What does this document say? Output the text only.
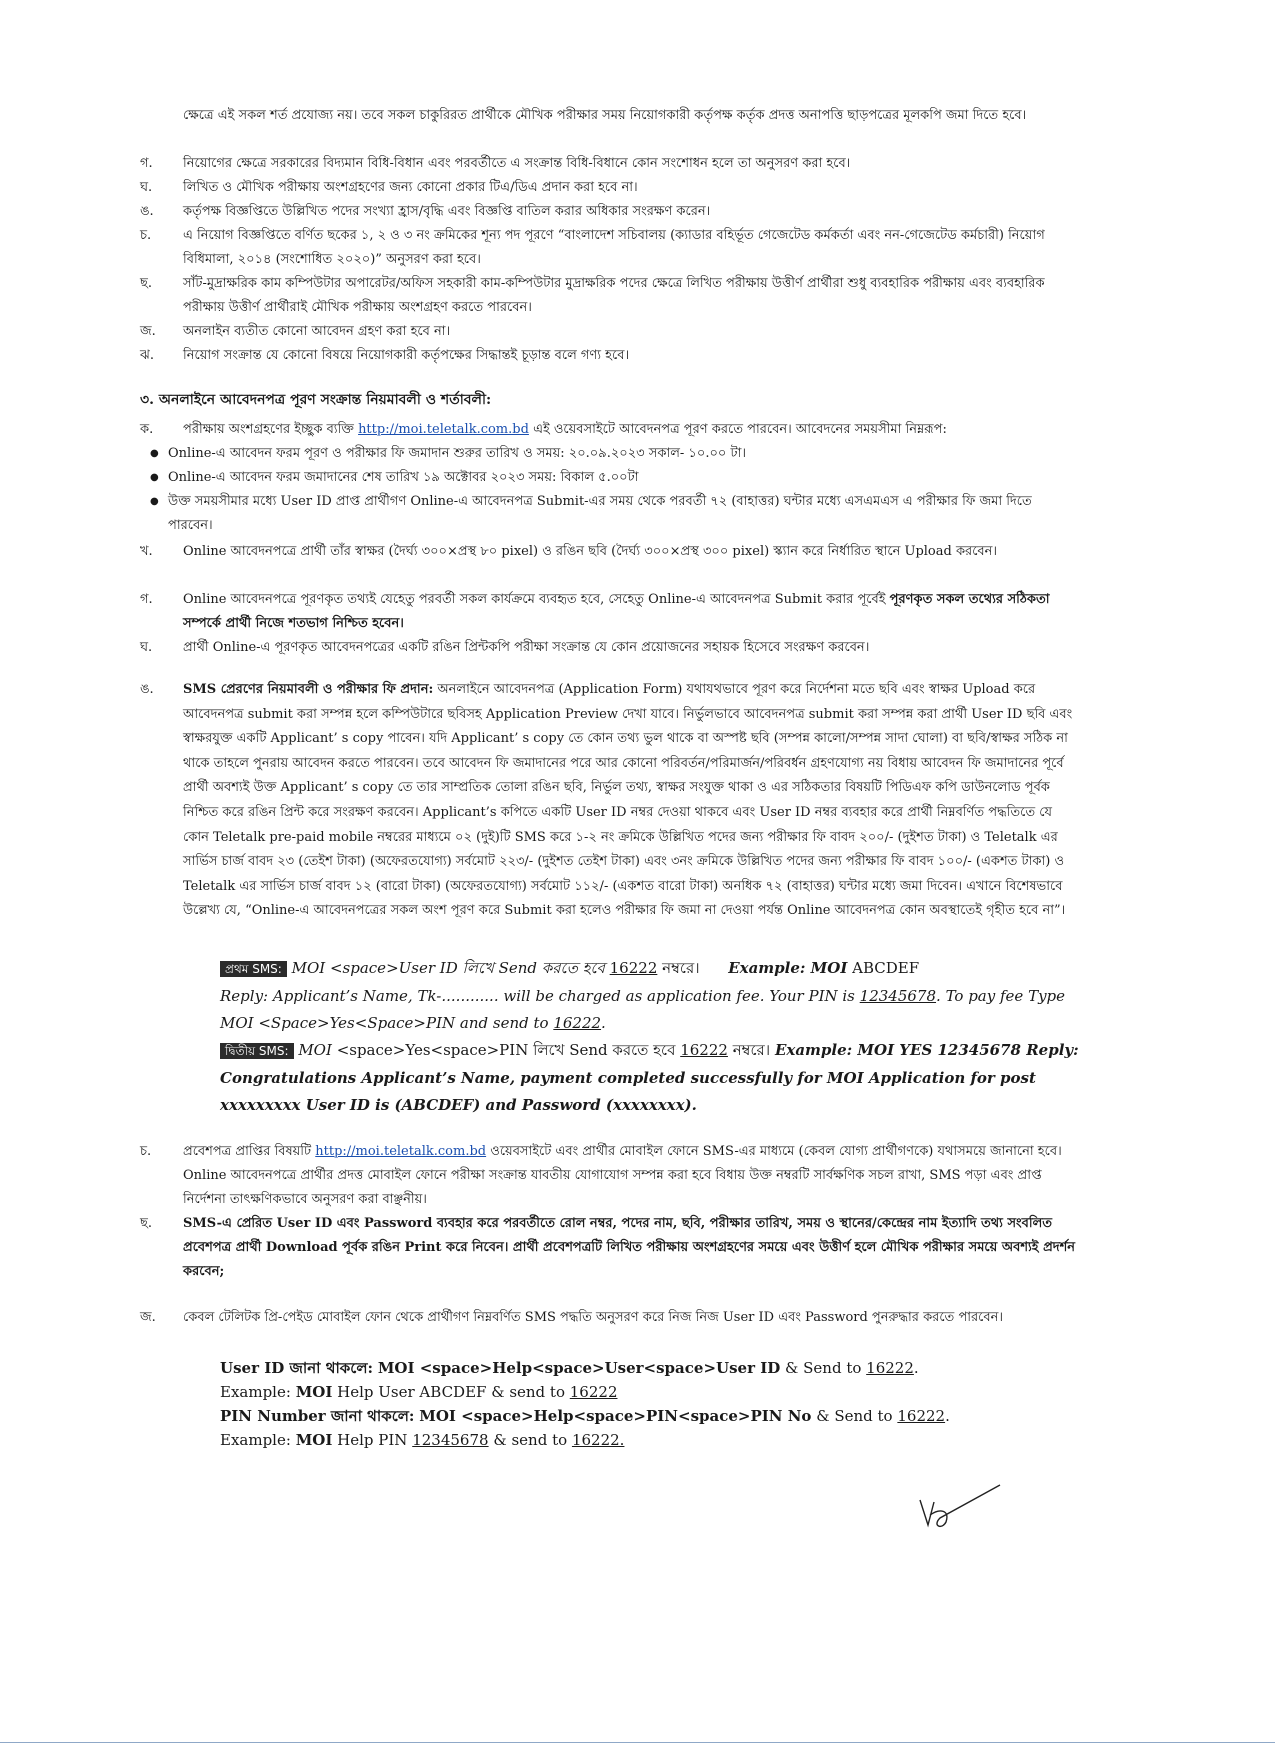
ক্ষেত্রে এই সকল শর্ত প্রযোজ্য নয়। তবে সকল চাকুরিরত প্রার্থীকে মৌখিক পরীক্ষার সময় নিয়োগকারী কর্তৃপক্ষ কর্তৃক প্রদত্ত অনাপত্তি ছাড়পত্রের মূলকপি জমা দিতে হবে।
গ.	নিয়োগের ক্ষেত্রে সরকারের বিদ্যমান বিধি-বিধান এবং পরবর্তীতে এ সংক্রান্ত বিধি-বিধানে কোন সংশোধন হলে তা অনুসরণ করা হবে।
ঘ.	লিখিত ও মৌখিক পরীক্ষায় অংশগ্রহণের জন্য কোনো প্রকার টিএ/ডিএ প্রদান করা হবে না।
ঙ.	কর্তৃপক্ষ বিজ্ঞপ্তিতে উল্লিখিত পদের সংখ্যা হ্রাস/বৃদ্ধি এবং বিজ্ঞপ্তি বাতিল করার অধিকার সংরক্ষণ করেন।
চ.	এ নিয়োগ বিজ্ঞপ্তিতে বর্ণিত ছকের ১, ২ ও ৩ নং ক্রমিকের শূন্য পদ পূরণে “বাংলাদেশ সচিবালয় (ক্যাডার বহির্ভূত গেজেটেড কর্মকর্তা এবং নন-গেজেটেড কর্মচারী) নিয়োগ বিধিমালা, ২০১৪ (সংশোধিত ২০২০)” অনুসরণ করা হবে।
ছ.	সাঁট-মুদ্রাক্ষরিক কাম কম্পিউটার অপারেটর/অফিস সহকারী কাম-কম্পিউটার মুদ্রাক্ষরিক পদের ক্ষেত্রে লিখিত পরীক্ষায় উত্তীর্ণ প্রার্থীরা শুধু ব্যবহারিক পরীক্ষায় এবং ব্যবহারিক পরীক্ষায় উত্তীর্ণ প্রার্থীরাই মৌখিক পরীক্ষায় অংশগ্রহণ করতে পারবেন।
জ.	অনলাইন ব্যতীত কোনো আবেদন গ্রহণ করা হবে না।
ঝ.	নিয়োগ সংক্রান্ত যে কোনো বিষয়ে নিয়োগকারী কর্তৃপক্ষের সিদ্ধান্তই চূড়ান্ত বলে গণ্য হবে।
৩. অনলাইনে আবেদনপত্র পূরণ সংক্রান্ত নিয়মাবলী ও শর্তাবলী:
ক.	পরীক্ষায় অংশগ্রহণের ইচ্ছুক ব্যক্তি http://moi.teletalk.com.bd এই ওয়েবসাইটে আবেদনপত্র পূরণ করতে পারবেন। আবেদনের সময়সীমা নিম্নরূপ:
● Online-এ আবেদন ফরম পূরণ ও পরীক্ষার ফি জমাদান শুরুর তারিখ ও সময়: ২০.০৯.২০২৩ সকাল- ১০.০০ টা।
● Online-এ আবেদন ফরম জমাদানের শেষ তারিখ ১৯ অক্টোবর ২০২৩ সময়: বিকাল ৫.০০টা
● উক্ত সময়সীমার মধ্যে User ID প্রাপ্ত প্রার্থীগণ Online-এ আবেদনপত্র Submit-এর সময় থেকে পরবর্তী ৭২ (বাহাত্তর) ঘন্টার মধ্যে এসএমএস এ পরীক্ষার ফি জমা দিতে পারবেন।
খ.	Online আবেদনপত্রে প্রার্থী তাঁর স্বাক্ষর (দৈর্ঘ্য ৩০০×প্রস্থ ৮০ pixel) ও রঙিন ছবি (দৈর্ঘ্য ৩০০×প্রস্থ ৩০০ pixel) স্ক্যান করে নির্ধারিত স্থানে Upload করবেন।
গ.	Online আবেদনপত্রে পূরণকৃত তথ্যই যেহেতু পরবর্তী সকল কার্যক্রমে ব্যবহৃত হবে, সেহেতু Online-এ আবেদনপত্র Submit করার পূর্বেই পূরণকৃত সকল তথ্যের সঠিকতা সম্পর্কে প্রার্থী নিজে শতভাগ নিশ্চিত হবেন।
ঘ.	প্রার্থী Online-এ পূরণকৃত আবেদনপত্রের একটি রঙিন প্রিন্টকপি পরীক্ষা সংক্রান্ত যে কোন প্রয়োজনের সহায়ক হিসেবে সংরক্ষণ করবেন।
ঙ.	SMS প্রেরণের নিয়মাবলী ও পরীক্ষার ফি প্রদান: অনলাইনে আবেদনপত্র (Application Form) যথাযথভাবে পূরণ করে নির্দেশনা মতে ছবি এবং স্বাক্ষর Upload করে আবেদনপত্র submit করা সম্পন্ন হলে কম্পিউটারে ছবিসহ Application Preview দেখা যাবে। নির্ভুলভাবে আবেদনপত্র submit করা সম্পন্ন করা প্রার্থী User ID ছবি এবং স্বাক্ষরযুক্ত একটি Applicant’ s copy পাবেন। যদি Applicant’ s copy তে কোন তথ্য ভুল থাকে বা অস্পষ্ট ছবি (সম্পন্ন কালো/সম্পন্ন সাদা ঘোলা) বা ছবি/স্বাক্ষর সঠিক না থাকে তাহলে পুনরায় আবেদন করতে পারবেন। তবে আবেদন ফি জমাদানের পরে আর কোনো পরিবর্তন/পরিমার্জন/পরিবর্ধন গ্রহণযোগ্য নয় বিধায় আবেদন ফি জমাদানের পূর্বে প্রার্থী অবশ্যই উক্ত Applicant’ s copy তে তার সাম্প্রতিক তোলা রঙিন ছবি, নির্ভুল তথ্য, স্বাক্ষর সংযুক্ত থাকা ও এর সঠিকতার বিষয়টি পিডিএফ কপি ডাউনলোড পূর্বক নিশ্চিত করে রঙিন প্রিন্ট করে সংরক্ষণ করবেন। Applicant’s কপিতে একটি User ID নম্বর দেওয়া থাকবে এবং User ID নম্বর ব্যবহার করে প্রার্থী নিম্নবর্ণিত পদ্ধতিতে যে কোন Teletalk pre-paid mobile নম্বরের মাধ্যমে ০২ (দুই)টি SMS করে ১-২ নং ক্রমিকে উল্লিখিত পদের জন্য পরীক্ষার ফি বাবদ ২০০/- (দুইশত টাকা) ও Teletalk এর সার্ভিস চার্জ বাবদ ২৩ (তেইশ টাকা) (অফেরতযোগ্য) সর্বমোট ২২৩/- (দুইশত তেইশ টাকা) এবং ৩নং ক্রমিকে উল্লিখিত পদের জন্য পরীক্ষার ফি বাবদ ১০০/- (একশত টাকা) ও Teletalk এর সার্ভিস চার্জ বাবদ ১২ (বারো টাকা) (অফেরতযোগ্য) সর্বমোট ১১২/- (একশত বারো টাকা) অনধিক ৭২ (বাহাত্তর) ঘন্টার মধ্যে জমা দিবেন। এখানে বিশেষভাবে উল্লেখ্য যে, “Online-এ আবেদনপত্রের সকল অংশ পূরণ করে Submit করা হলেও পরীক্ষার ফি জমা না দেওয়া পর্যন্ত Online আবেদনপত্র কোন অবস্থাতেই গৃহীত হবে না”।
প্রথম SMS: MOI <space>User ID লিখে Send করতে হবে 16222 নম্বরে। Example: MOI ABCDEF
Reply: Applicant’s Name, Tk-............ will be charged as application fee. Your PIN is 12345678. To pay fee Type MOI <Space>Yes<Space>PIN and send to 16222.
দ্বিতীয় SMS: MOI <space>Yes<space>PIN লিখে Send করতে হবে 16222 নম্বরে। Example: MOI YES 12345678 Reply: Congratulations Applicant’s Name, payment completed successfully for MOI Application for post xxxxxxxxx User ID is (ABCDEF) and Password (xxxxxxxx).
চ.	প্রবেশপত্র প্রাপ্তির বিষয়টি http://moi.teletalk.com.bd ওয়েবসাইটে এবং প্রার্থীর মোবাইল ফোনে SMS-এর মাধ্যমে (কেবল যোগ্য প্রার্থীগণকে) যথাসময়ে জানানো হবে। Online আবেদনপত্রে প্রার্থীর প্রদত্ত মোবাইল ফোনে পরীক্ষা সংক্রান্ত যাবতীয় যোগাযোগ সম্পন্ন করা হবে বিধায় উক্ত নম্বরটি সার্বক্ষণিক সচল রাখা, SMS পড়া এবং প্রাপ্ত নির্দেশনা তাৎক্ষণিকভাবে অনুসরণ করা বাঞ্ছনীয়।
ছ.	SMS-এ প্রেরিত User ID এবং Password ব্যবহার করে পরবর্তীতে রোল নম্বর, পদের নাম, ছবি, পরীক্ষার তারিখ, সময় ও স্থানের/কেন্দ্রের নাম ইত্যাদি তথ্য সংবলিত প্রবেশপত্র প্রার্থী Download পূর্বক রঙিন Print করে নিবেন। প্রার্থী প্রবেশপত্রটি লিখিত পরীক্ষায় অংশগ্রহণের সময়ে এবং উত্তীর্ণ হলে মৌখিক পরীক্ষার সময়ে অবশ্যই প্রদর্শন করবেন;
জ.	কেবল টেলিটক প্রি-পেইড মোবাইল ফোন থেকে প্রার্থীগণ নিম্নবর্ণিত SMS পদ্ধতি অনুসরণ করে নিজ নিজ User ID এবং Password পুনরুদ্ধার করতে পারবেন।
User ID জানা থাকলে: MOI <space>Help<space>User<space>User ID & Send to 16222.
Example: MOI Help User ABCDEF & send to 16222
PIN Number জানা থাকলে: MOI <space>Help<space>PIN<space>PIN No & Send to 16222.
Example: MOI Help PIN 12345678 & send to 16222.
